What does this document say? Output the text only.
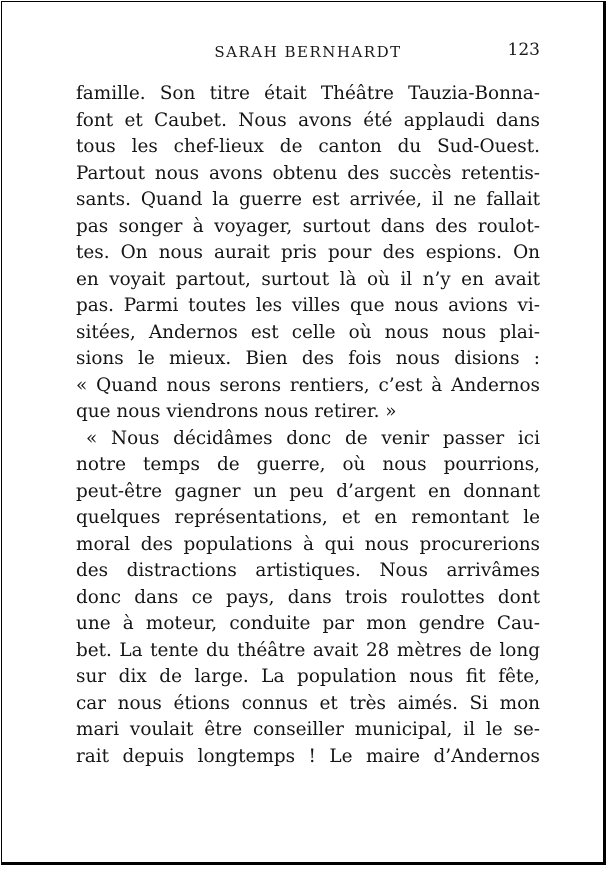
SARAH BERNHARDT	123
famille. Son titre était Théâtre Tauzia-Bonna-
font et Caubet. Nous avons été applaudi dans
tous les chef-lieux de canton du Sud-Ouest.
Partout nous avons obtenu des succès retentis-
sants. Quand la guerre est arrivée, il ne fallait
pas songer à voyager, surtout dans des roulot-
tes. On nous aurait pris pour des espions. On
en voyait partout, surtout là où il n’y en avait
pas. Parmi toutes les villes que nous avions vi-
sitées, Andernos est celle où nous nous plai-
sions le mieux. Bien des fois nous disions :
« Quand nous serons rentiers, c’est à Andernos
que nous viendrons nous retirer. »
« Nous décidâmes donc de venir passer ici
notre temps de guerre, où nous pourrions,
peut-être gagner un peu d’argent en donnant
quelques représentations, et en remontant le
moral des populations à qui nous procurerions
des distractions artistiques. Nous arrivâmes
donc dans ce pays, dans trois roulottes dont
une à moteur, conduite par mon gendre Cau-
bet. La tente du théâtre avait 28 mètres de long
sur dix de large. La population nous fit fête,
car nous étions connus et très aimés. Si mon
mari voulait être conseiller municipal, il le se-
rait depuis longtemps ! Le maire d’Andernos
